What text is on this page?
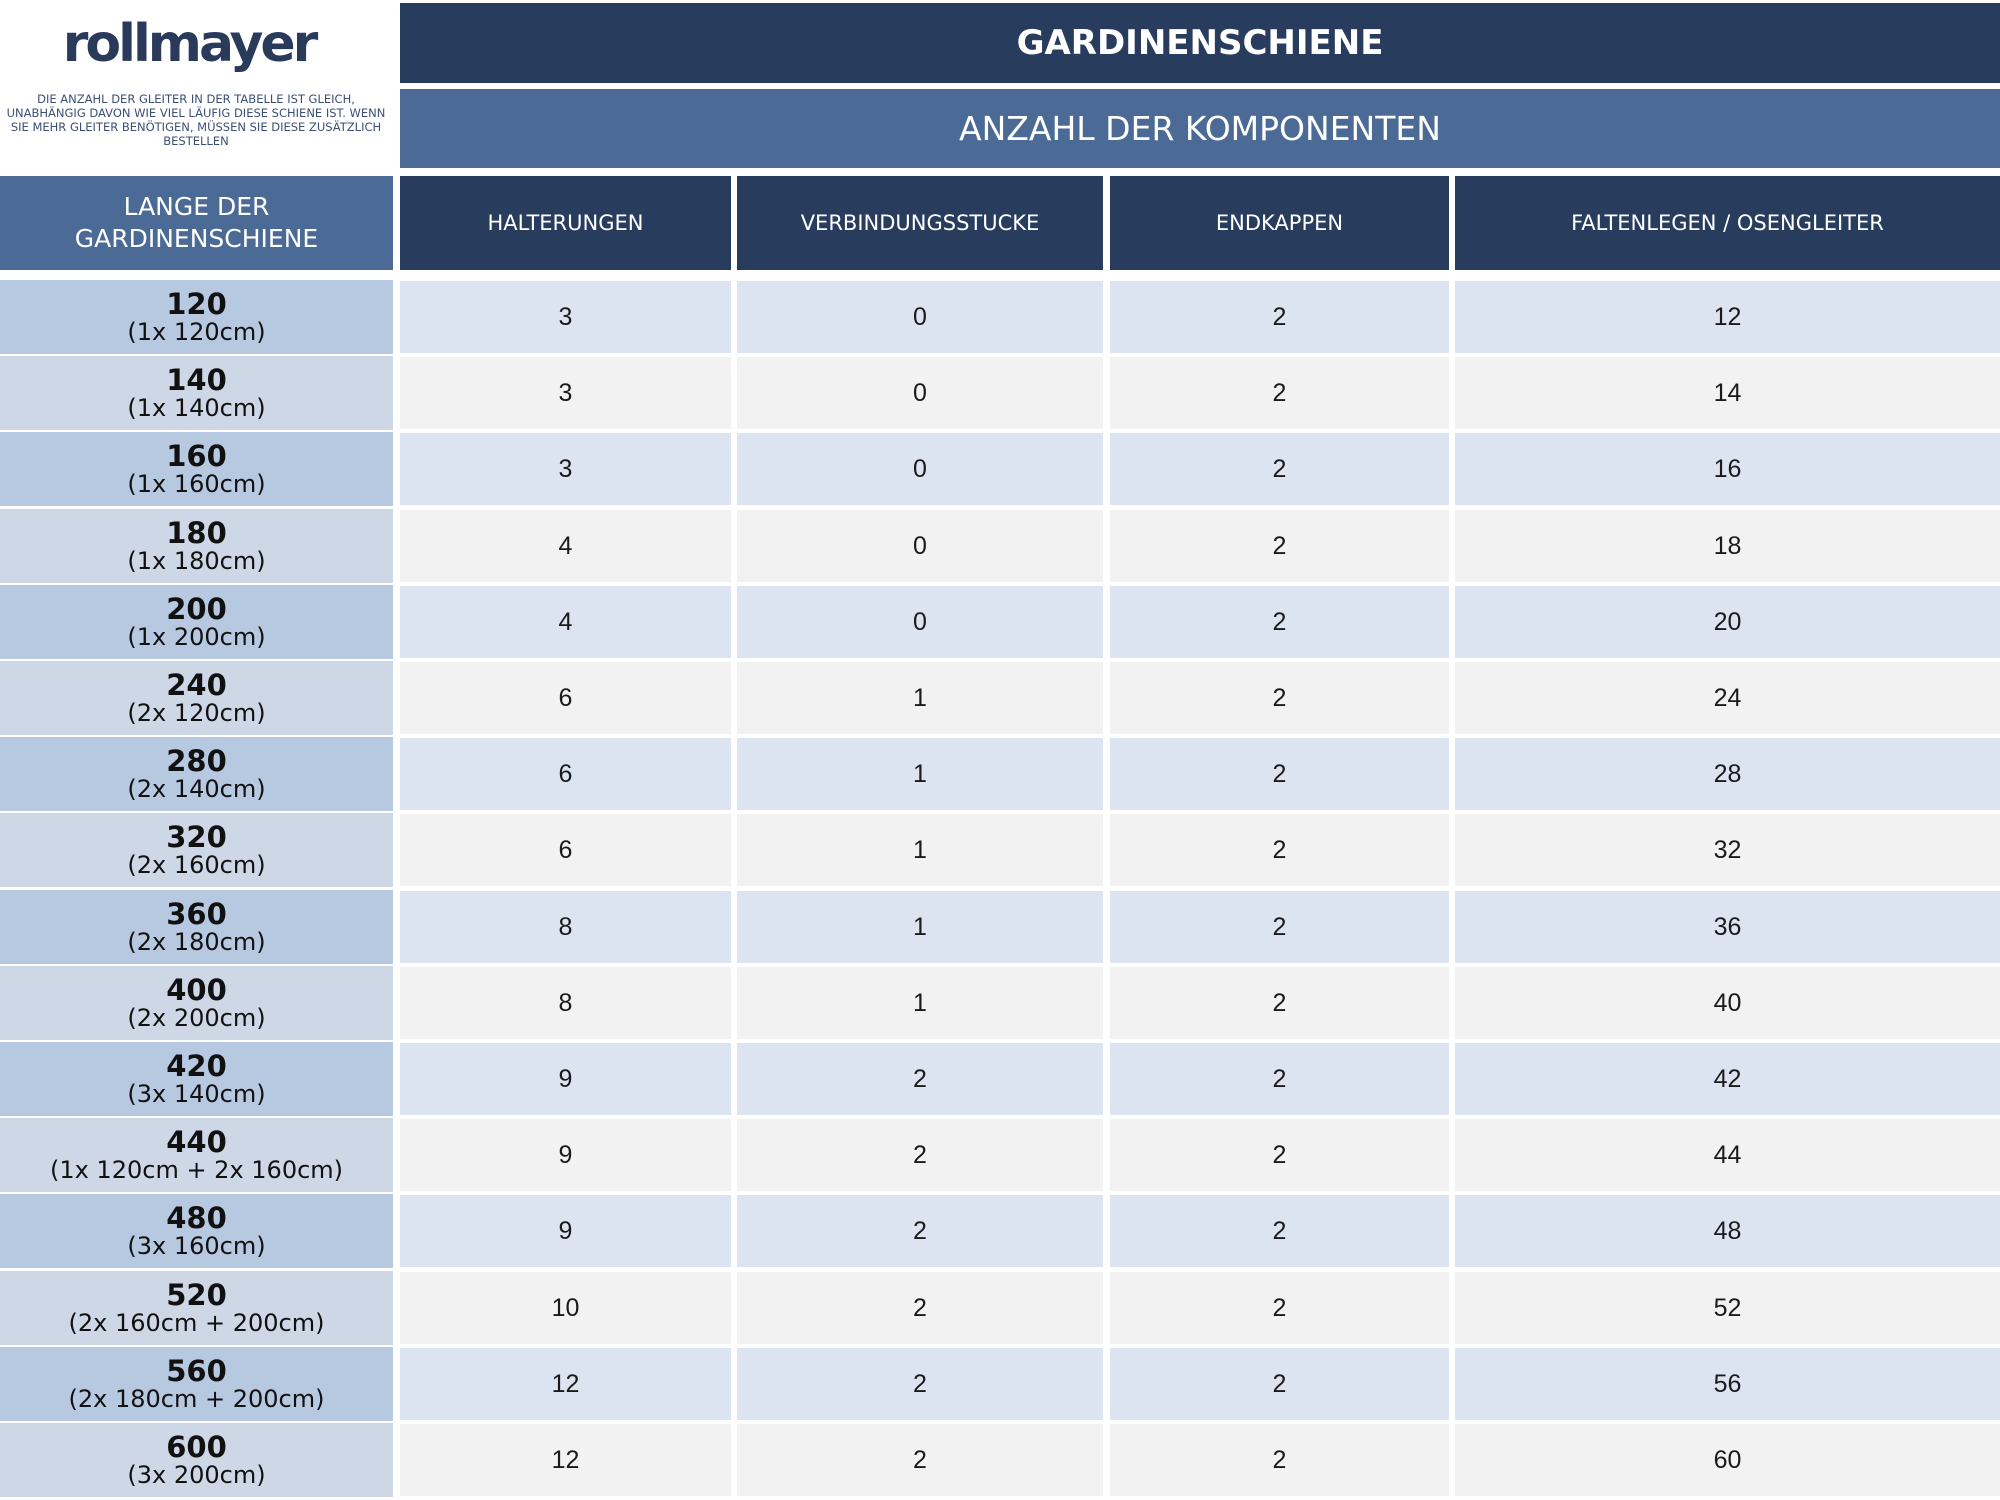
rollmayer
DIE ANZAHL DER GLEITER IN DER TABELLE IST GLEICH, UNABHÄNGIG DAVON WIE VIEL LÄUFIG DIESE SCHIENE IST. WENN SIE MEHR GLEITER BENÖTIGEN, MÜSSEN SIE DIESE ZUSÄTZLICH BESTELLEN
GARDINENSCHIENE
ANZAHL DER KOMPONENTEN
LANGE DER GARDINENSCHIENE
HALTERUNGEN	VERBINDUNGSSTUCKE	ENDKAPPEN	FALTENLEGEN / OSENGLEITER
120
(1x 120cm)
3	0	2	12
140
(1x 140cm)
3	0	2	14
160
(1x 160cm)
3	0	2	16
180
(1x 180cm)
4	0	2	18
200
(1x 200cm)
4	0	2	20
240
(2x 120cm)
6	1	2	24
280
(2x 140cm)
6	1	2	28
320
(2x 160cm)
6	1	2	32
360
(2x 180cm)
8	1	2	36
400
(2x 200cm)
8	1	2	40
420
(3x 140cm)
9	2	2	42
440
(1x 120cm + 2x 160cm)
9	2	2	44
480
(3x 160cm)
9	2	2	48
520
(2x 160cm + 200cm)
10	2	2	52
560
(2x 180cm + 200cm)
12	2	2	56
600
(3x 200cm)
12	2	2	60
